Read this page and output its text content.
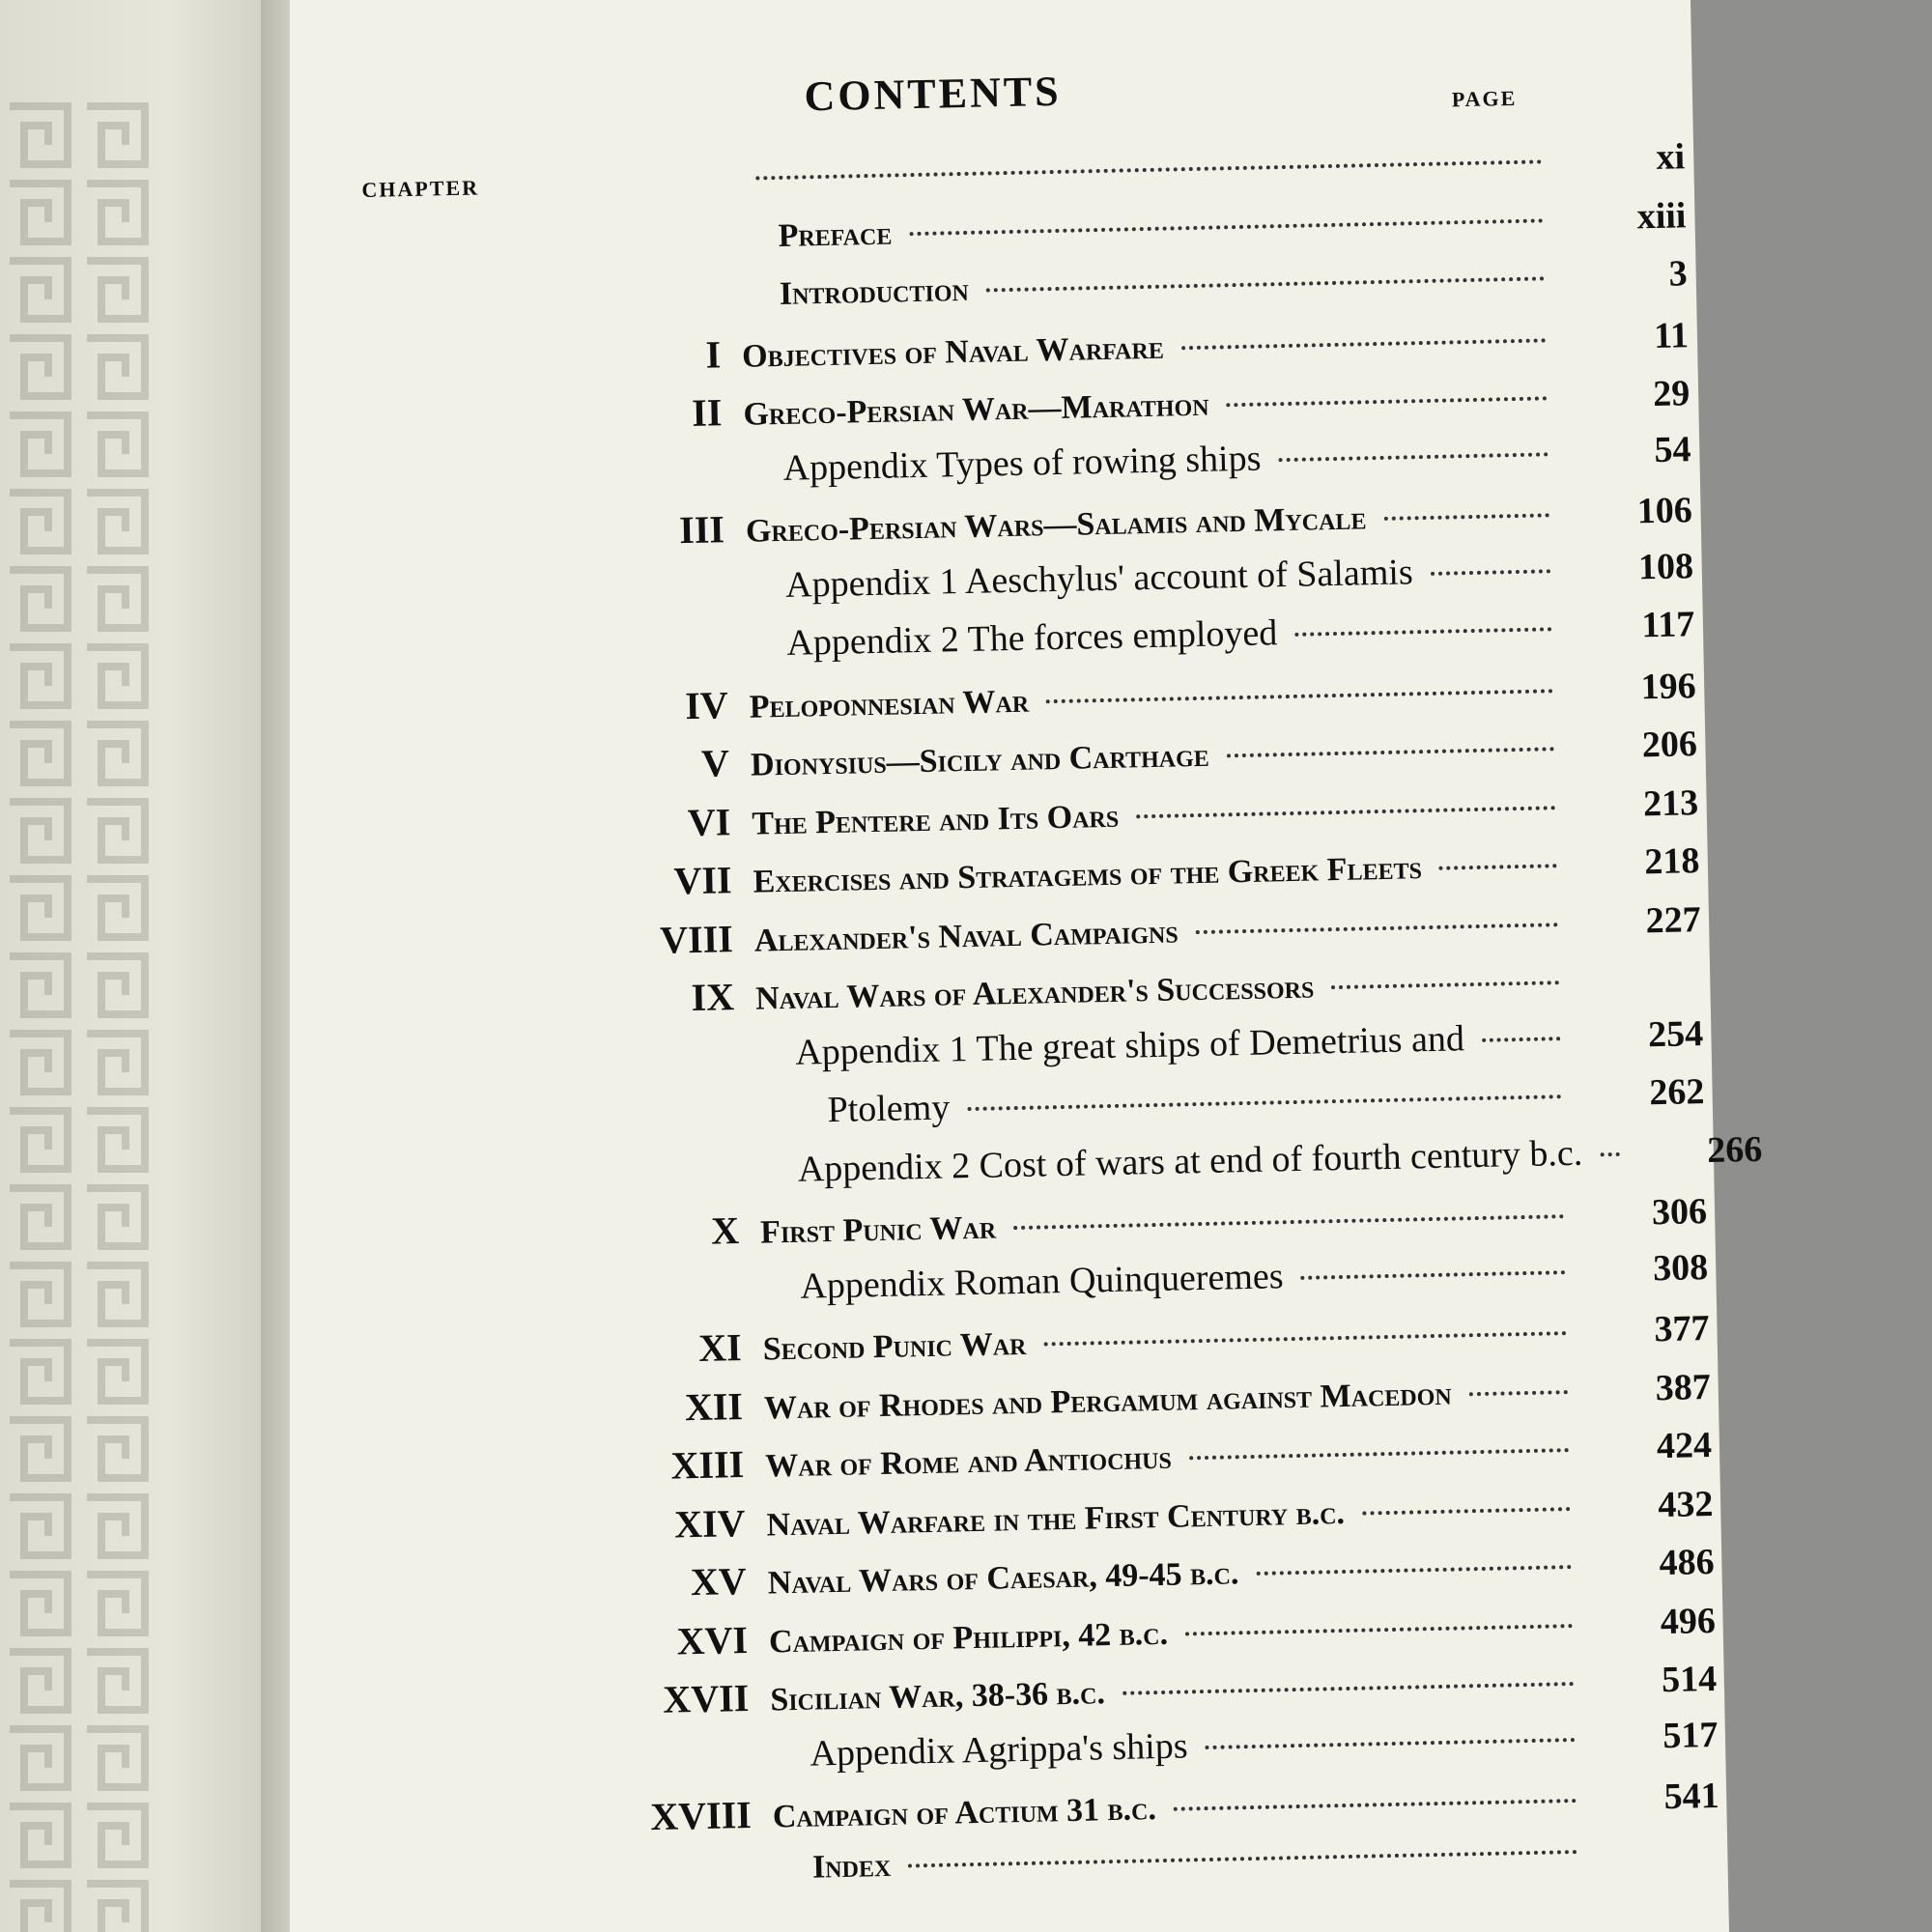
CONTENTS	PAGE
CHAPTER
xi
Preface	xiii
Introduction	3
I Objectives of Naval Warfare	11
II Greco-Persian War—Marathon	29
Appendix Types of rowing ships	54
III Greco-Persian Wars—Salamis and Mycale	106
Appendix 1 Aeschylus' account of Salamis	108
Appendix 2 The forces employed	117
IV Peloponnesian War	196
V Dionysius—Sicily and Carthage	206
VI The Pentere and Its Oars	213
VII Exercises and Stratagems of the Greek Fleets	218
VIII Alexander's Naval Campaigns	227
IX Naval Wars of Alexander's Successors
Appendix 1 The great ships of Demetrius and	254
Ptolemy	262
Appendix 2 Cost of wars at end of fourth century b.c.	266
X First Punic War	306
Appendix Roman Quinqueremes	308
XI Second Punic War	377
XII War of Rhodes and Pergamum against Macedon	387
XIII War of Rome and Antiochus	424
XIV Naval Warfare in the First Century b.c.	432
XV Naval Wars of Caesar, 49-45 b.c.	486
XVI Campaign of Philippi, 42 b.c.	496
XVII Sicilian War, 38-36 b.c.	514
Appendix Agrippa's ships	517
XVIII Campaign of Actium 31 b.c.	541
Index
